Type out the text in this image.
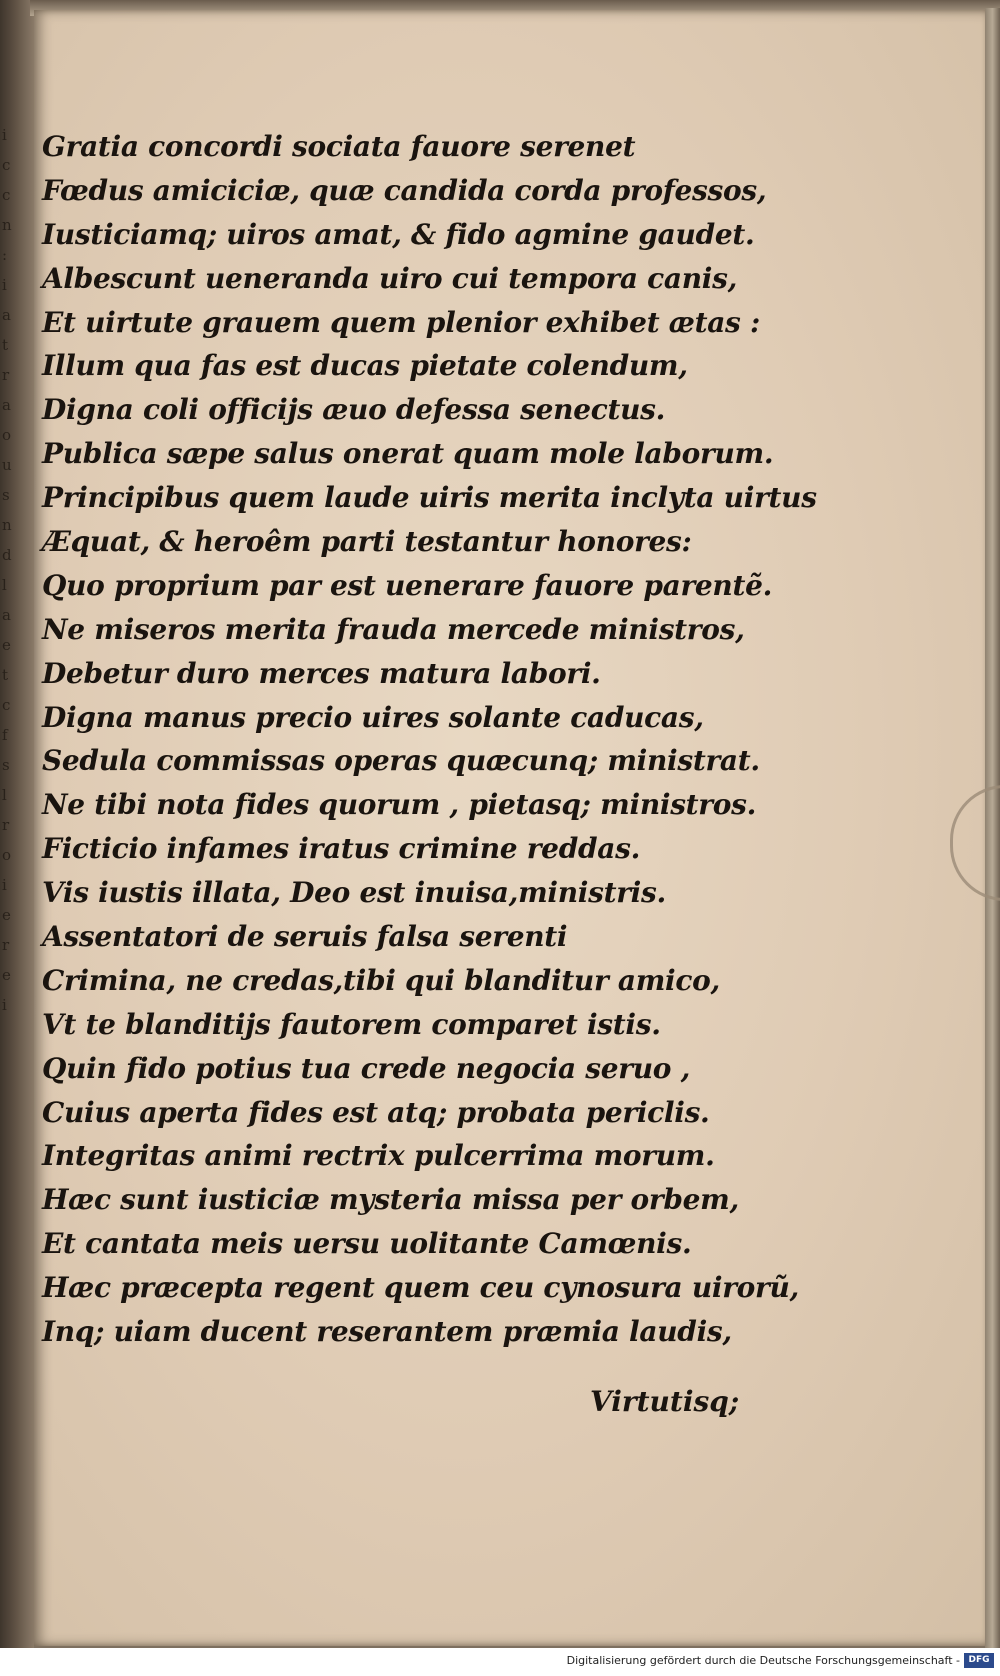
i
c
c
n
:
i
a
t
r
a
o
u
s
n
d
l
a
e
t
c
f
s
l
r
o
i
e
r
e
i
Gratia concordi sociata fauore serenet
Fœdus amiciciæ, quæ candida corda professos,
Iusticiamq; uiros amat, & fido agmine gaudet.
Albescunt ueneranda uiro cui tempora canis,
Et uirtute grauem quem plenior exhibet ætas :
Illum qua fas est ducas pietate colendum,
Digna coli officijs æuo defessa senectus.
Publica sæpe salus onerat quam mole laborum.
Principibus quem laude uiris merita inclyta uirtus
Æquat, & heroêm parti testantur honores:
Quo proprium par est uenerare fauore parentẽ.
Ne miseros merita frauda mercede ministros,
Debetur duro merces matura labori.
Digna manus precio uires solante caducas,
Sedula commissas operas quæcunq; ministrat.
Ne tibi nota fides quorum , pietasq; ministros.
Ficticio infames iratus crimine reddas.
Vis iustis illata, Deo est inuisa,ministris.
Assentatori de seruis falsa serenti
Crimina, ne credas,tibi qui blanditur amico,
Vt te blanditijs fautorem comparet istis.
Quin fido potius tua crede negocia seruo ,
Cuius aperta fides est atq; probata periclis.
Integritas animi rectrix pulcerrima morum.
Hæc sunt iusticiæ mysteria missa per orbem,
Et cantata meis uersu uolitante Camœnis.
Hæc præcepta regent quem ceu cynosura uirorũ,
Inq; uiam ducent reserantem præmia laudis,
Virtutisq;
Digitalisierung gefördert durch die Deutsche Forschungsgemeinschaft - DFG
